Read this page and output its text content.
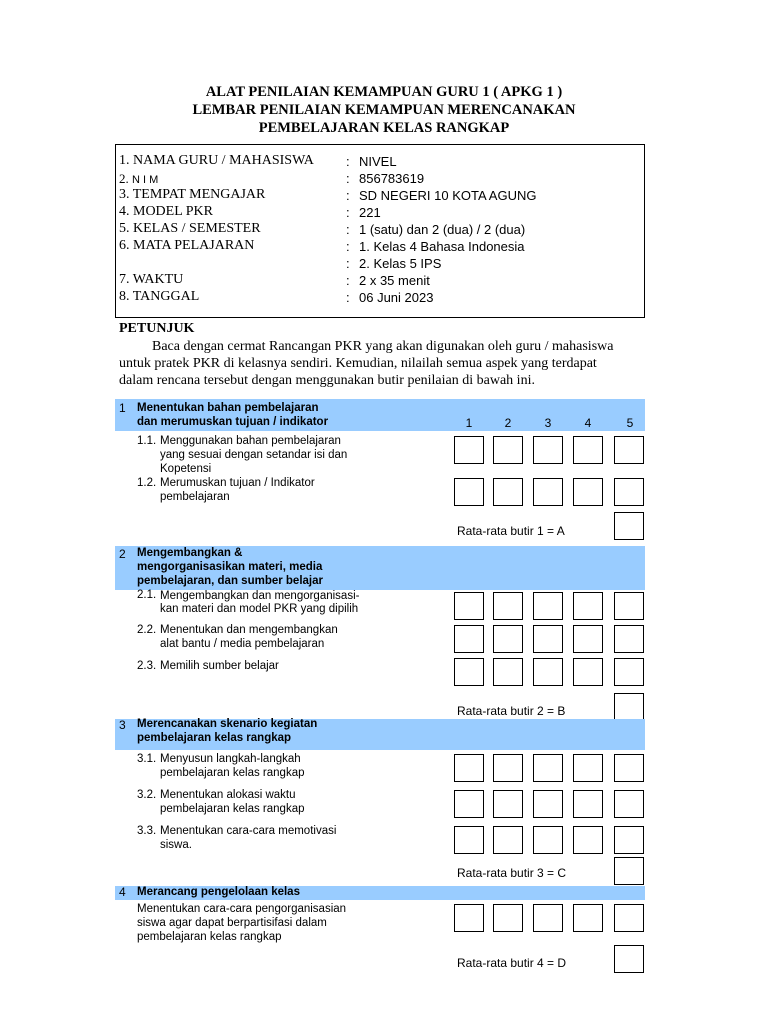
ALAT PENILAIAN KEMAMPUAN GURU 1 ( APKG 1 )
LEMBAR PENILAIAN KEMAMPUAN MERENCANAKAN
PEMBELAJARAN KELAS RANGKAP
1. NAMA GURU / MAHASISWA : NIVEL
2. N I M	: 856783619
3. TEMPAT MENGAJAR	: SD NEGERI 10 KOTA AGUNG
4. MODEL PKR	: 221
5. KELAS / SEMESTER	: 1 (satu) dan 2 (dua) / 2 (dua)
6. MATA PELAJARAN	: 1. Kelas 4 Bahasa Indonesia
: 2. Kelas 5 IPS
7. WAKTU	: 2 x 35 menit
8. TANGGAL	: 06 Juni 2023
PETUNJUK
Baca dengan cermat Rancangan PKR yang akan digunakan oleh guru / mahasiswa
untuk pratek PKR di kelasnya sendiri. Kemudian, nilailah semua aspek yang terdapat
dalam rencana tersebut dengan menggunakan butir penilaian di bawah ini.
1 Menentukan bahan pembelajaran
dan merumuskan tujuan / indikator	1	2	3	4	5
1.1. Menggunakan bahan pembelajaran
yang sesuai dengan setandar isi dan
Kopetensi
1.2. Merumuskan tujuan / Indikator
pembelajaran
Rata-rata butir 1 = A
2 Mengembangkan &
mengorganisasikan materi, media
pembelajaran, dan sumber belajar
2.1. Mengembangkan dan mengorganisasi-
kan materi dan model PKR yang dipilih
2.2. Menentukan dan mengembangkan
alat bantu / media pembelajaran
2.3. Memilih sumber belajar
Rata-rata butir 2 = B
3 Merencanakan skenario kegiatan
pembelajaran kelas rangkap
3.1. Menyusun langkah-langkah
pembelajaran kelas rangkap
3.2. Menentukan alokasi waktu
pembelajaran kelas rangkap
3.3. Menentukan cara-cara memotivasi
siswa.
Rata-rata butir 3 = C
4 Merancang pengelolaan kelas
Menentukan cara-cara pengorganisasian
siswa agar dapat berpartisifasi dalam
pembelajaran kelas rangkap
Rata-rata butir 4 = D
